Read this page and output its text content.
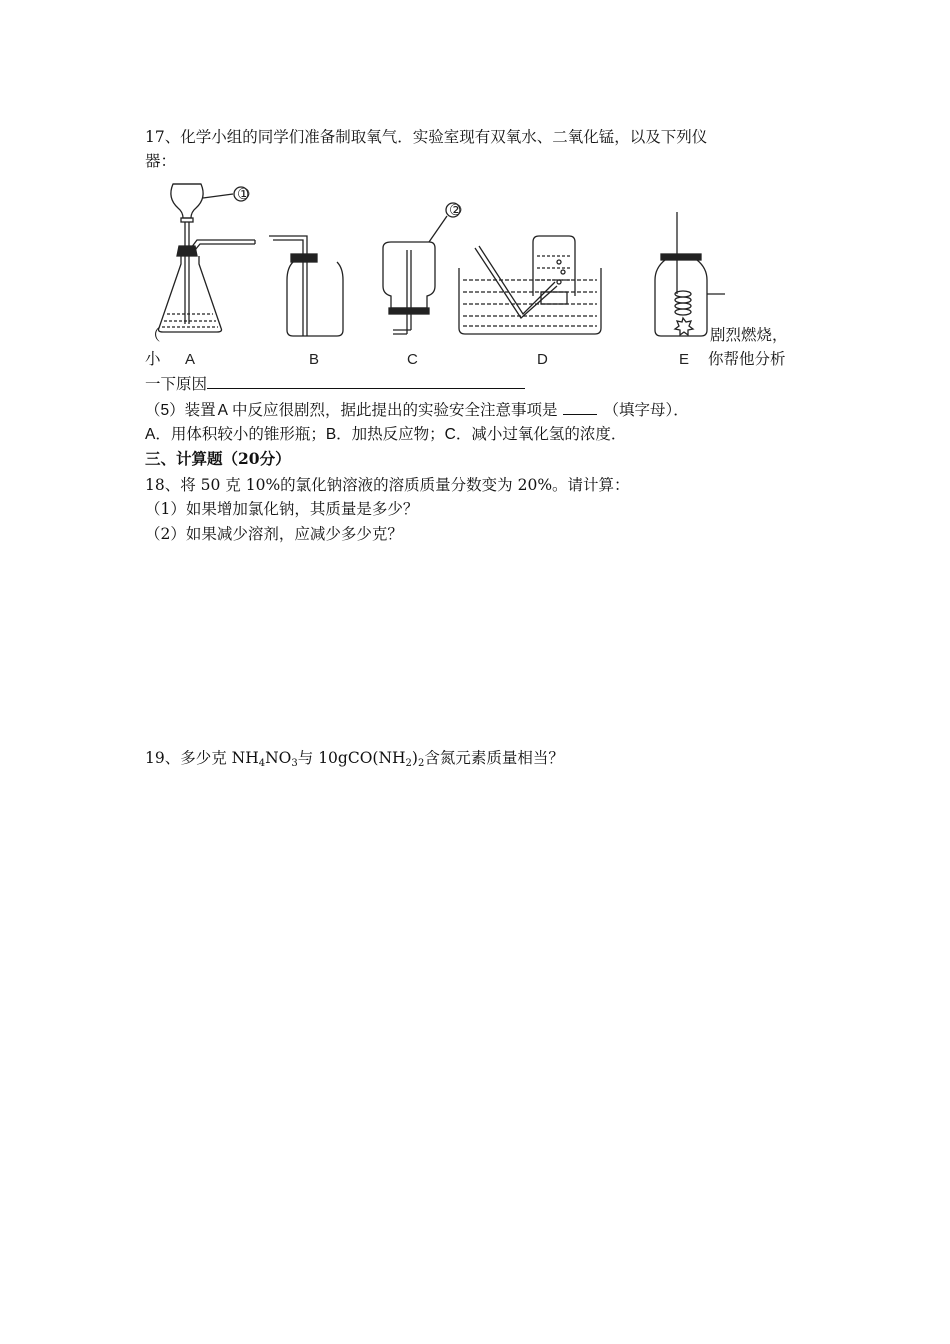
17、化学小组的同学们准备制取氧气．实验室现有双氧水、二氧化锰，以及下列仪
器：
①
②
A	B	C	D	E
（	剧烈燃烧，
小	你帮他分析
一下原因
（5）装置 A 中反应很剧烈，据此提出的实验安全注意事项是	（填字母）．
A．用体积较小的锥形瓶；B．加热反应物；C．减小过氧化氢的浓度．
三、计算题（20分）
18、将 50 克 10%的氯化钠溶液的溶质质量分数变为 20%。请计算：
（1）如果增加氯化钠，其质量是多少？
（2）如果减少溶剂，应减少多少克？
19、多少克 $NH_4NO_3$与 $10gCO(NH_2)_2$含氮元素质量相当？
